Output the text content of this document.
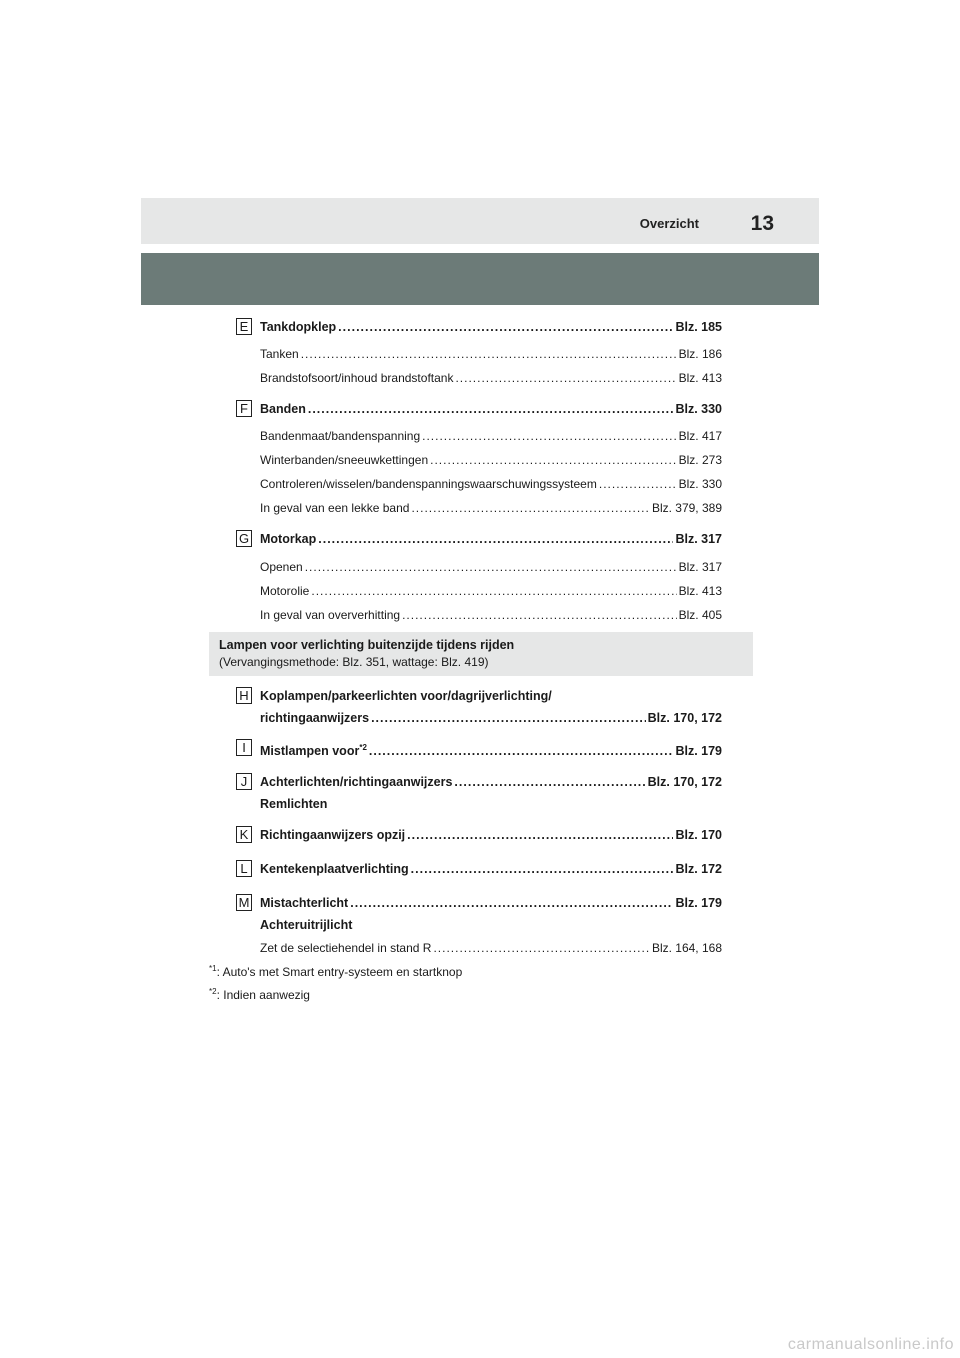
Overzicht 13
E Tankdopklep .....	Blz. 185
Tanken .....	Blz. 186
Brandstofsoort/inhoud brandstoftank .....	Blz. 413
F Banden .....	Blz. 330
Bandenmaat/bandenspanning .....	Blz. 417
Winterbanden/sneeuwkettingen .....	Blz. 273
Controleren/wisselen/bandenspanningswaarschuwingssysteem .....	Blz. 330
In geval van een lekke band .....	Blz. 379, 389
G Motorkap .....	Blz. 317
Openen .....	Blz. 317
Motorolie .....	Blz. 413
In geval van oververhitting .....	Blz. 405
Lampen voor verlichting buitenzijde tijdens rijden
(Vervangingsmethode: Blz. 351, wattage: Blz. 419)
H Koplampen/parkeerlichten voor/dagrijverlichting/
richtingaanwijzers .....	Blz. 170, 172
I	Mistlampen voor$^{*2}$ .....	Blz. 179
J	Achterlichten/richtingaanwijzers .....	Blz. 170, 172
Remlichten
K Richtingaanwijzers opzij .....	Blz. 170
L Kentekenplaatverlichting .....	Blz. 172
M Mistachterlicht .....	Blz. 179
Achteruitrijlicht
Zet de selectiehendel in stand R .....	Blz. 164, 168
$^{*1}$: Auto's met Smart entry-systeem en startknop
$^{*2}$: Indien aanwezig
carmanualsonline.info
